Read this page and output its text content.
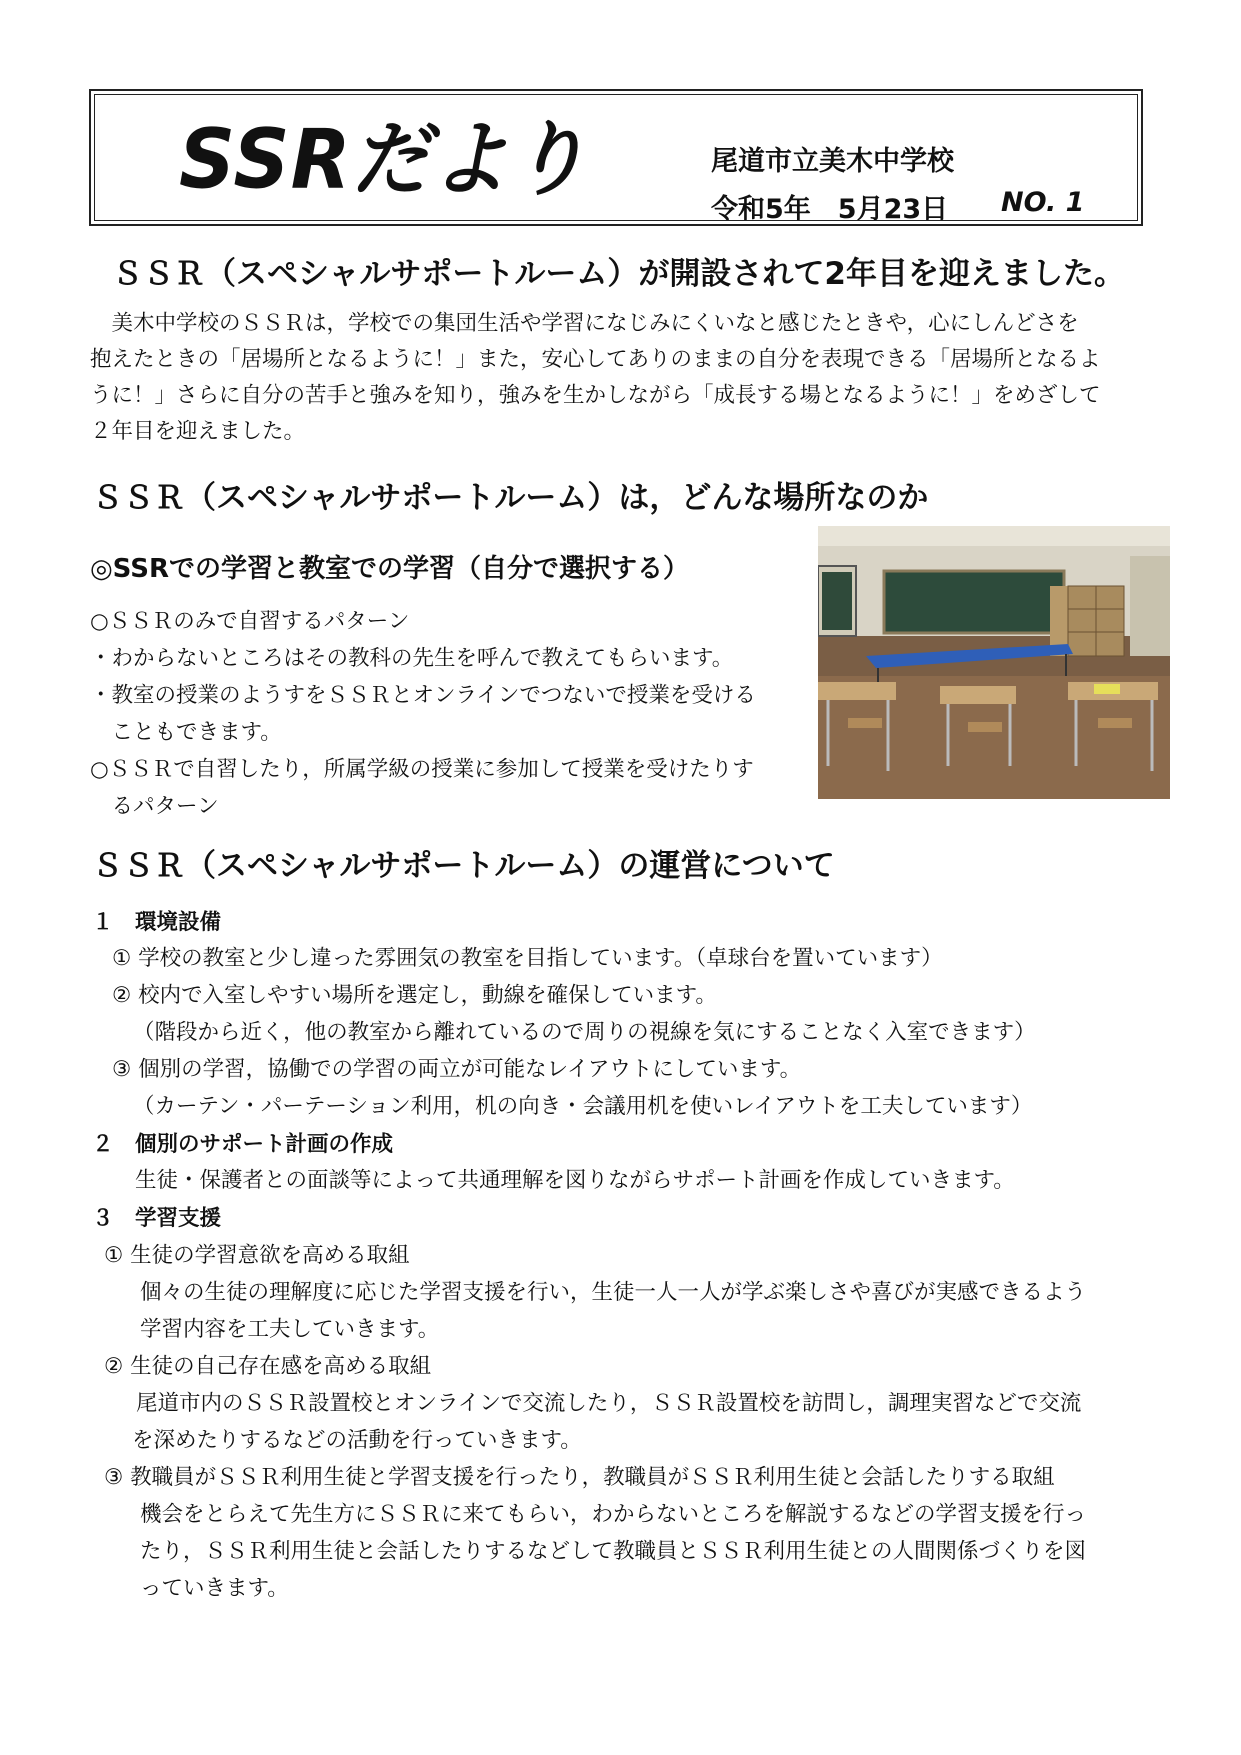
SSRだより	尾道市立美木中学校
令和5年　5月23日 NO. 1
ＳＳＲ（スペシャルサポートルーム）が開設されて2年目を迎えました。

　美木中学校のＳＳＲは，学校での集団生活や学習になじみにくいなと感じたときや，心にしんどさを

抱えたときの「居場所となるように！」また，安心してありのままの自分を表現できる「居場所となるよ

うに！」さらに自分の苦手と強みを知り，強みを生かしながら「成長する場となるように！」をめざして

２年目を迎えました。

ＳＳＲ（スペシャルサポートルーム）は，どんな場所なのか
◎SSRでの学習と教室での学習（自分で選択する）
○ＳＳＲのみで自習するパターン
・わからないところはその教科の先生を呼んで教えてもらいます。
・教室の授業のようすをＳＳＲとオンラインでつないで授業を受ける
　こともできます。
○ＳＳＲで自習したり，所属学級の授業に参加して授業を受けたりす
　るパターン
ＳＳＲ（スペシャルサポートルーム）の運営について
１　環境設備
① 学校の教室と少し違った雰囲気の教室を目指しています。（卓球台を置いています）
② 校内で入室しやすい場所を選定し，動線を確保しています。
（階段から近く，他の教室から離れているので周りの視線を気にすることなく入室できます）
③ 個別の学習，協働での学習の両立が可能なレイアウトにしています。
（カーテン・パーテーション利用，机の向き・会議用机を使いレイアウトを工夫しています）
２　個別のサポート計画の作成
生徒・保護者との面談等によって共通理解を図りながらサポート計画を作成していきます。
３　学習支援
① 生徒の学習意欲を高める取組
個々の生徒の理解度に応じた学習支援を行い，生徒一人一人が学ぶ楽しさや喜びが実感できるよう
学習内容を工夫していきます。
② 生徒の自己存在感を高める取組
尾道市内のＳＳＲ設置校とオンラインで交流したり，ＳＳＲ設置校を訪問し，調理実習などで交流
を深めたりするなどの活動を行っていきます。
③ 教職員がＳＳＲ利用生徒と学習支援を行ったり，教職員がＳＳＲ利用生徒と会話したりする取組
機会をとらえて先生方にＳＳＲに来てもらい，わからないところを解説するなどの学習支援を行っ
たり，ＳＳＲ利用生徒と会話したりするなどして教職員とＳＳＲ利用生徒との人間関係づくりを図
っていきます。
